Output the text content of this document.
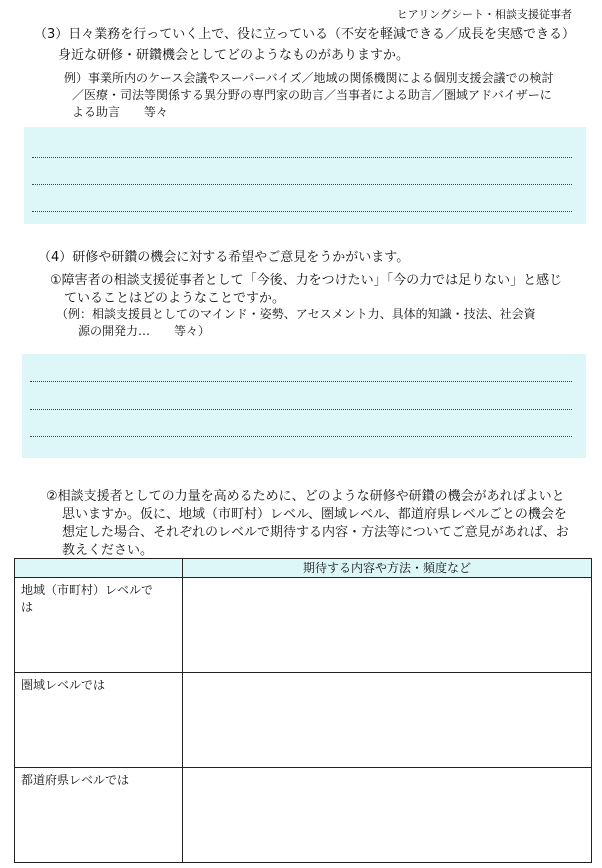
ヒアリングシート・相談支援従事者
（3）日々業務を行っていく上で、役に立っている（不安を軽減できる／成長を実感できる）
身近な研修・研鑽機会としてどのようなものがありますか。
例）事業所内のケース会議やスーパーバイズ／地域の関係機関による個別支援会議での検討
／医療・司法等関係する異分野の専門家の助言／当事者による助言／圏域アドバイザーに
よる助言　　等々
（4）研修や研鑽の機会に対する希望やご意見をうかがいます。
①障害者の相談支援従事者として「今後、力をつけたい」「今の力では足りない」と感じ
ていることはどのようなことですか。
（例：相談支援員としてのマインド・姿勢、アセスメント力、具体的知識・技法、社会資
源の開発力…　　等々）
②相談支援者としての力量を高めるために、どのような研修や研鑽の機会があればよいと
思いますか。仮に、地域（市町村）レベル、圏域レベル、都道府県レベルごとの機会を
想定した場合、それぞれのレベルで期待する内容・方法等についてご意見があれば、お
教えください。
	期待する内容や方法・頻度など
地域（市町村）レベルで
は	
圏域レベルでは	
都道府県レベルでは	
